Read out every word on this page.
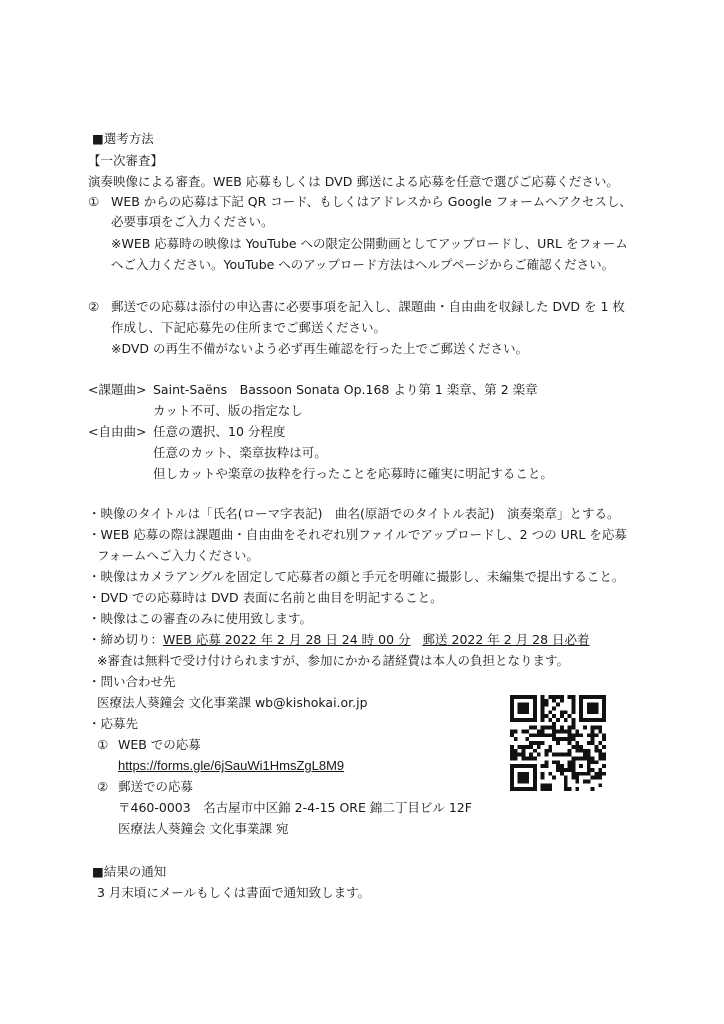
■選考方法
【一次審査】
演奏映像による審査。WEB 応募もしくは DVD 郵送による応募を任意で選びご応募ください。
① WEB からの応募は下記 QR コード、もしくはアドレスから Google フォームへアクセスし、
必要事項をご入力ください。
※WEB 応募時の映像は YouTube への限定公開動画としてアップロードし、URL をフォーム
へご入力ください。YouTube へのアップロード方法はヘルプページからご確認ください。
② 郵送での応募は添付の申込書に必要事項を記入し、課題曲・自由曲を収録した DVD を 1 枚
作成し、下記応募先の住所までご郵送ください。
※DVD の再生不備がないよう必ず再生確認を行った上でご郵送ください。
<課題曲> Saint-Saëns　Bassoon Sonata Op.168 より第 1 楽章、第 2 楽章
カット不可、版の指定なし
<自由曲> 任意の選択、10 分程度
任意のカット、楽章抜粋は可。
但しカットや楽章の抜粋を行ったことを応募時に確実に明記すること。
・映像のタイトルは「氏名(ローマ字表記)　曲名(原語でのタイトル表記)　演奏楽章」とする。
・WEB 応募の際は課題曲・自由曲をそれぞれ別ファイルでアップロードし、2 つの URL を応募
フォームへご入力ください。
・映像はカメラアングルを固定して応募者の顔と手元を明確に撮影し、未編集で提出すること。
・DVD での応募時は DVD 表面に名前と曲目を明記すること。
・映像はこの審査のみに使用致します。
・締め切り：WEB 応募 2022 年 2 月 28 日 24 時 00 分 郵送 2022 年 2 月 28 日必着
※審査は無料で受け付けられますが、参加にかかる諸経費は本人の負担となります。
・問い合わせ先
医療法人葵鐘会 文化事業課 wb@kishokai.or.jp
・応募先
① WEB での応募
https://forms.gle/6jSauWi1HmsZgL8M9
② 郵送での応募
〒460-0003　名古屋市中区錦 2-4-15 ORE 錦二丁目ビル 12F
医療法人葵鐘会 文化事業課 宛
■結果の通知
3 月末頃にメールもしくは書面で通知致します。
